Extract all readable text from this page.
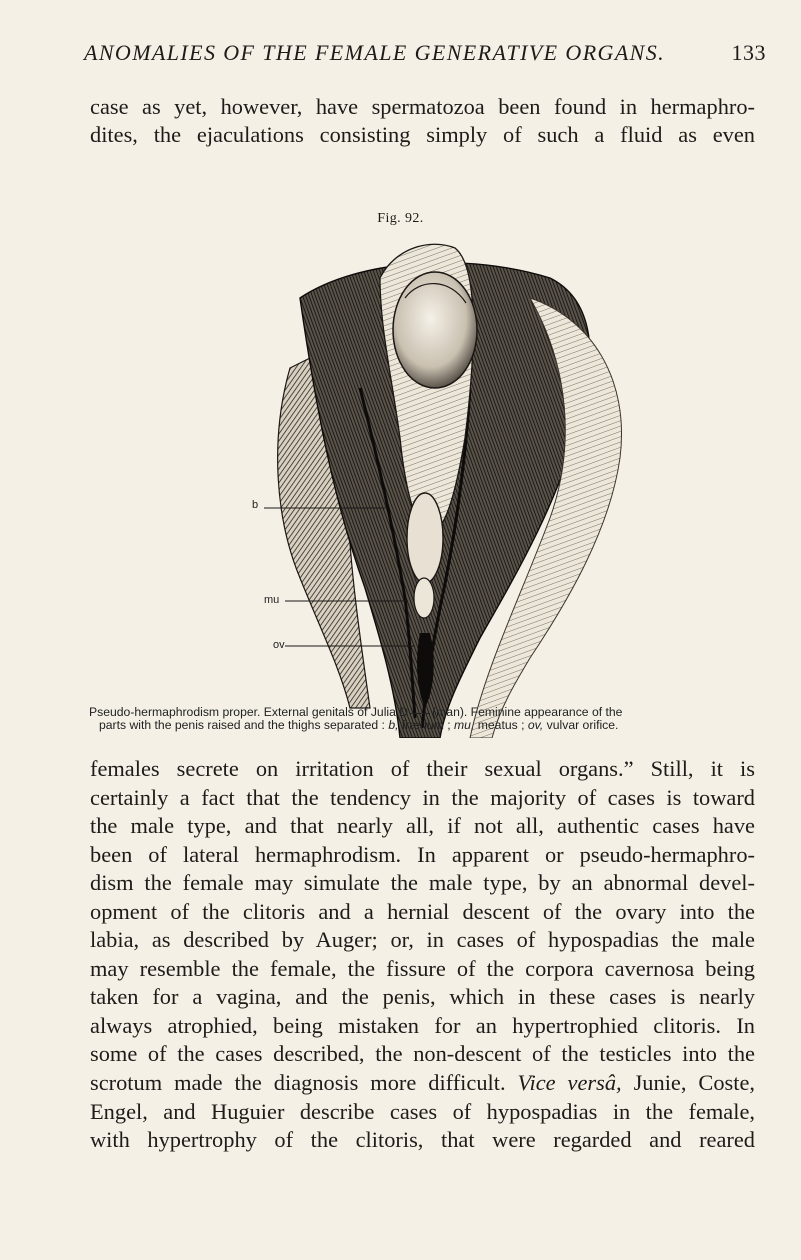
ANOMALIES OF THE FEMALE GENERATIVE ORGANS.	133

case as yet, however, have spermatozoa been found in hermaphro-
dites, the ejaculations consisting simply of such a fluid as even

Fig. 92.
b
mu
ov
Pseudo-hermaphrodism proper. External genitals of Julia D (man). Feminine appearance of the
parts with the penis raised and the thighs separated : b, frænum ; mu, meatus ; ov, vulvar orifice.

females secrete on irritation of their sexual organs.” Still, it is
certainly a fact that the tendency in the majority of cases is toward
the male type, and that nearly all, if not all, authentic cases have
been of lateral hermaphrodism. In apparent or pseudo-hermaphro-
dism the female may simulate the male type, by an abnormal devel-
opment of the clitoris and a hernial descent of the ovary into the
labia, as described by Auger; or, in cases of hypospadias the male
may resemble the female, the fissure of the corpora cavernosa being
taken for a vagina, and the penis, which in these cases is nearly
always atrophied, being mistaken for an hypertrophied clitoris. In
some of the cases described, the non-descent of the testicles into the
scrotum made the diagnosis more difficult. Vice versâ, Junie, Coste,
Engel, and Huguier describe cases of hypospadias in the female,
with hypertrophy of the clitoris, that were regarded and reared
